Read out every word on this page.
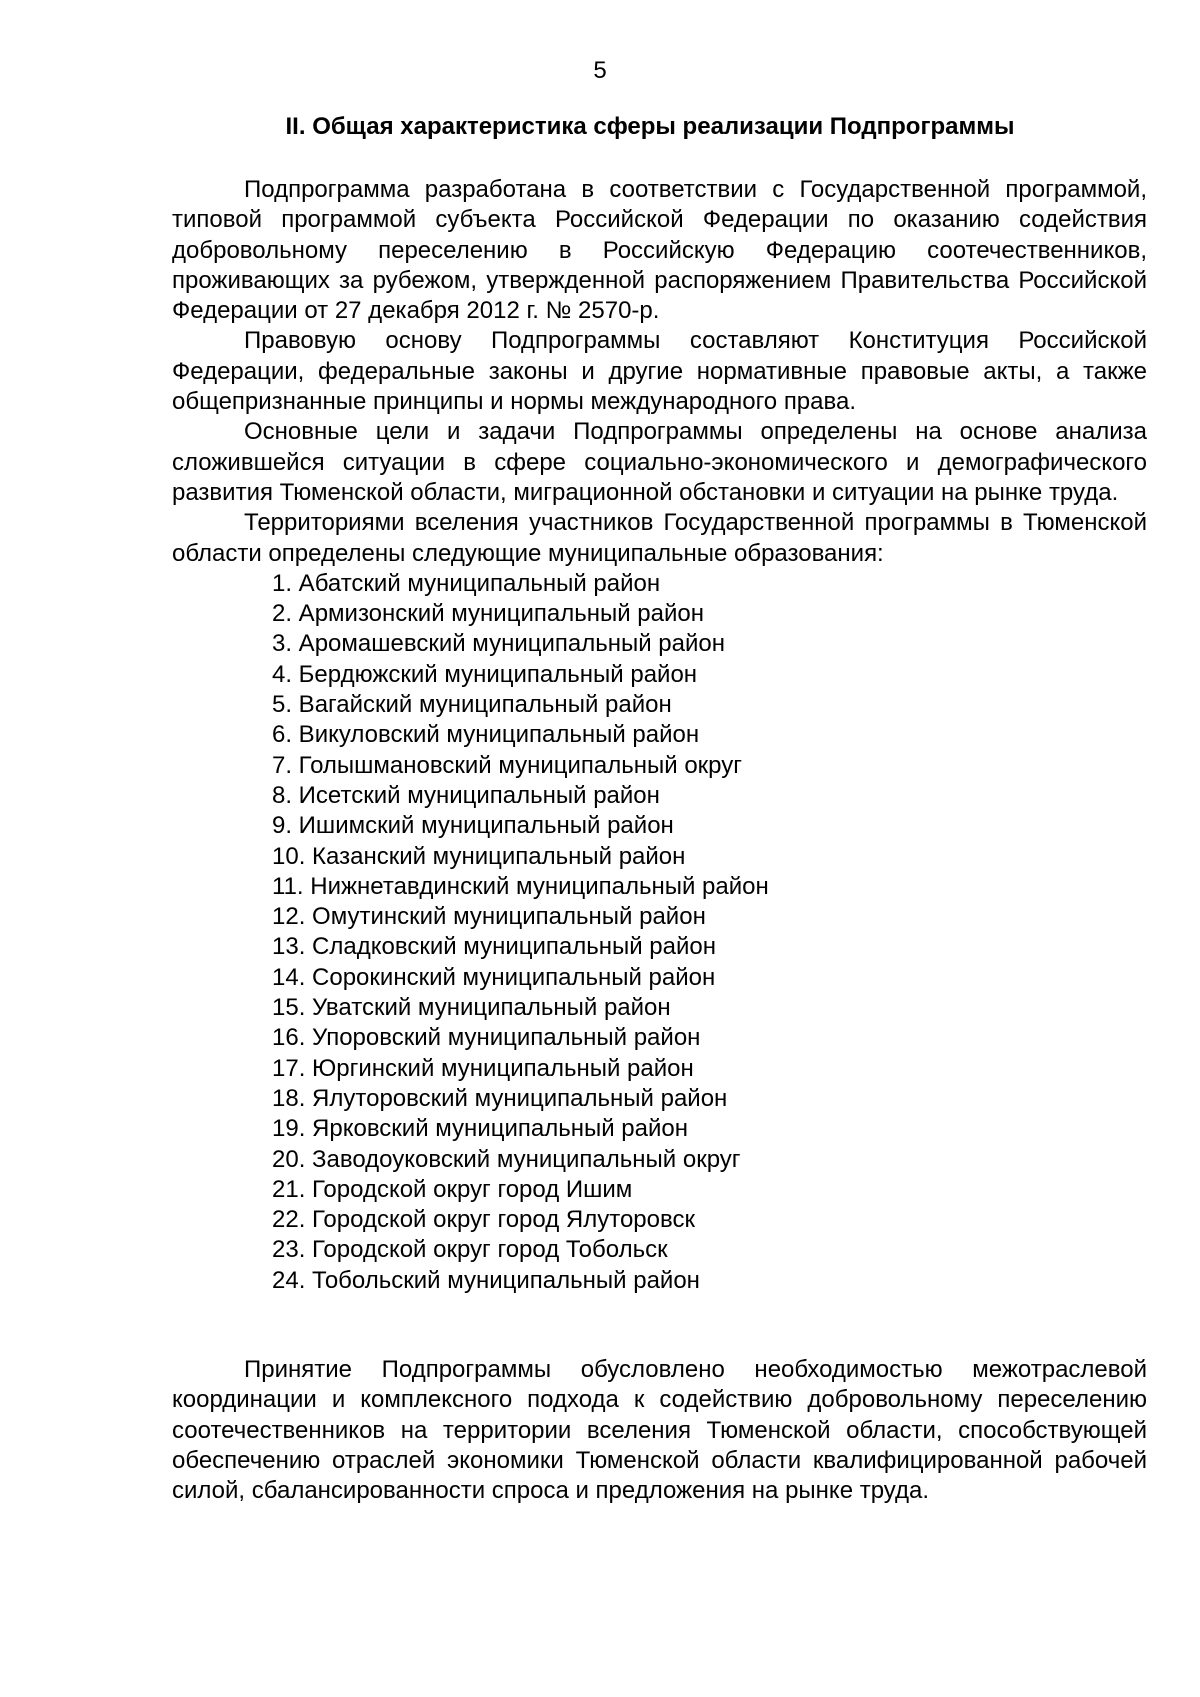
5
II. Общая характеристика сферы реализации Подпрограммы

Подпрограмма разработана в соответствии с Государственной программой, типовой программой субъекта Российской Федерации по оказанию содействия добровольному переселению в Российскую Федерацию соотечественников, проживающих за рубежом, утвержденной распоряжением Правительства Российской Федерации от 27 декабря 2012 г. № 2570-р.

Правовую основу Подпрограммы составляют Конституция Российской Федерации, федеральные законы и другие нормативные правовые акты, а также общепризнанные принципы и нормы международного права.

Основные цели и задачи Подпрограммы определены на основе анализа сложившейся ситуации в сфере социально-экономического и демографического развития Тюменской области, миграционной обстановки и ситуации на рынке труда.

Территориями вселения участников Государственной программы в Тюменской области определены следующие муниципальные образования:

1. Абатский муниципальный район
2. Армизонский муниципальный район
3. Аромашевский муниципальный район
4. Бердюжский муниципальный район
5. Вагайский муниципальный район
6. Викуловский муниципальный район
7. Голышмановский муниципальный округ
8. Исетский муниципальный район
9. Ишимский муниципальный район
10. Казанский муниципальный район
11. Нижнетавдинский муниципальный район
12. Омутинский муниципальный район
13. Сладковский муниципальный район
14. Сорокинский муниципальный район
15. Уватский муниципальный район
16. Упоровский муниципальный район
17. Юргинский муниципальный район
18. Ялуторовский муниципальный район
19. Ярковский муниципальный район
20. Заводоуковский муниципальный округ
21. Городской округ город Ишим
22. Городской округ город Ялуторовск
23. Городской округ город Тобольск
24. Тобольский муниципальный район

Принятие Подпрограммы обусловлено необходимостью межотраслевой координации и комплексного подхода к содействию добровольному переселению соотечественников на территории вселения Тюменской области, способствующей обеспечению отраслей экономики Тюменской области квалифицированной рабочей силой, сбалансированности спроса и предложения на рынке труда.
